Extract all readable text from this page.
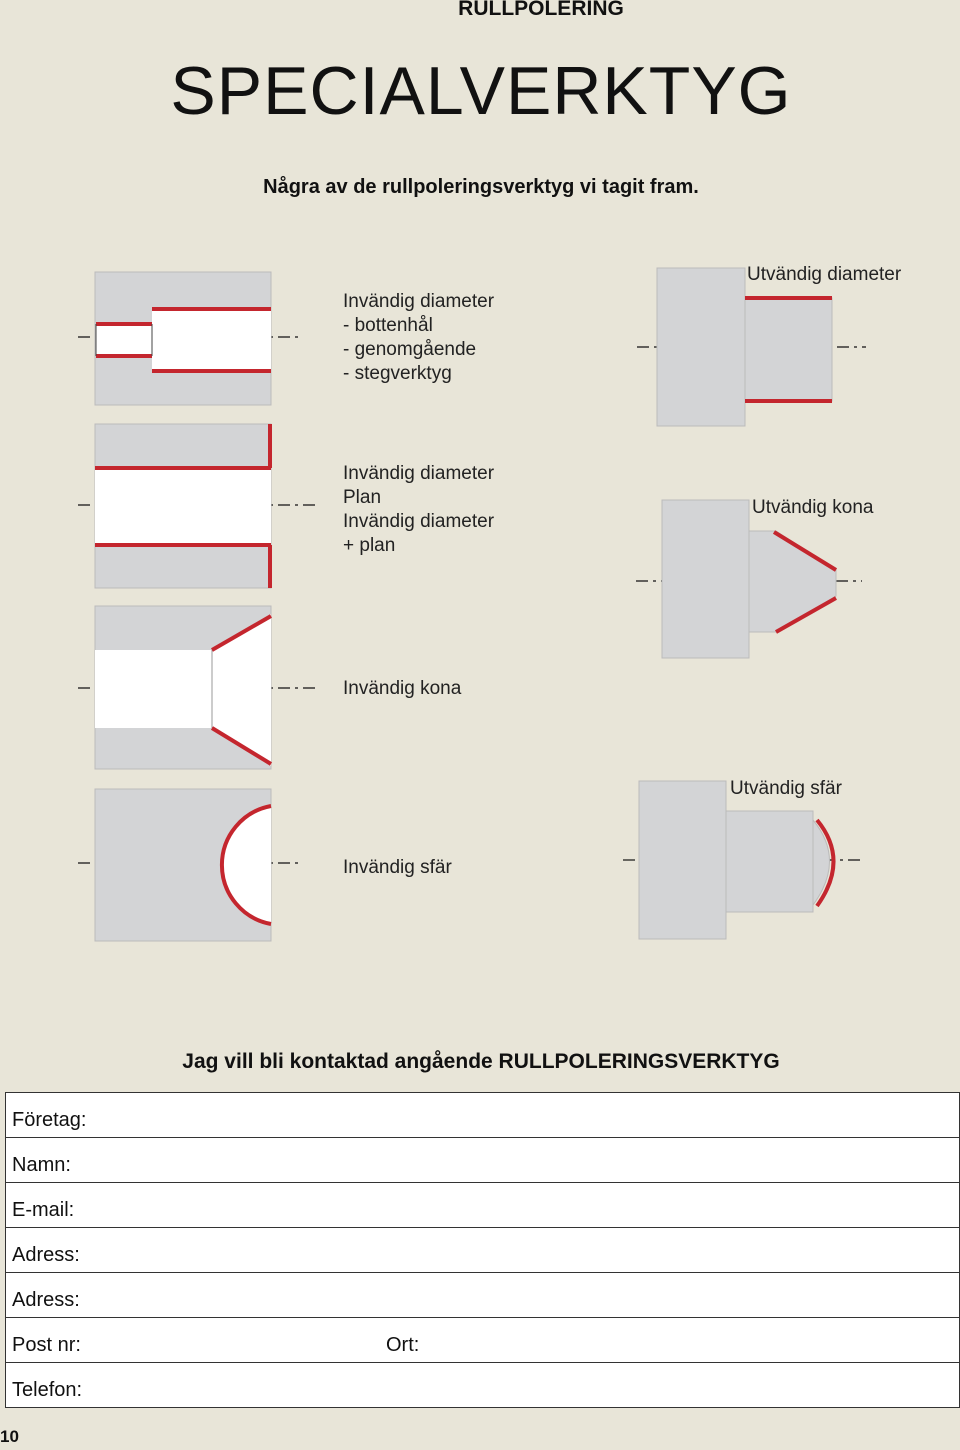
RULLPOLERING
SPECIALVERKTYG
Några av de rullpoleringsverktyg vi tagit fram.
Invändig diameter
- bottenhål
- genomgående
- stegverktyg
Utvändig diameter
Invändig diameter
Plan
Invändig diameter
+ plan
Utvändig kona
Invändig kona
Utvändig sfär
Invändig sfär
Jag vill bli kontaktad angående RULLPOLERINGSVERKTYG
Företag:
Namn:
E-mail:
Adress:
Adress:
Post nr:	Ort:
Telefon:
10
